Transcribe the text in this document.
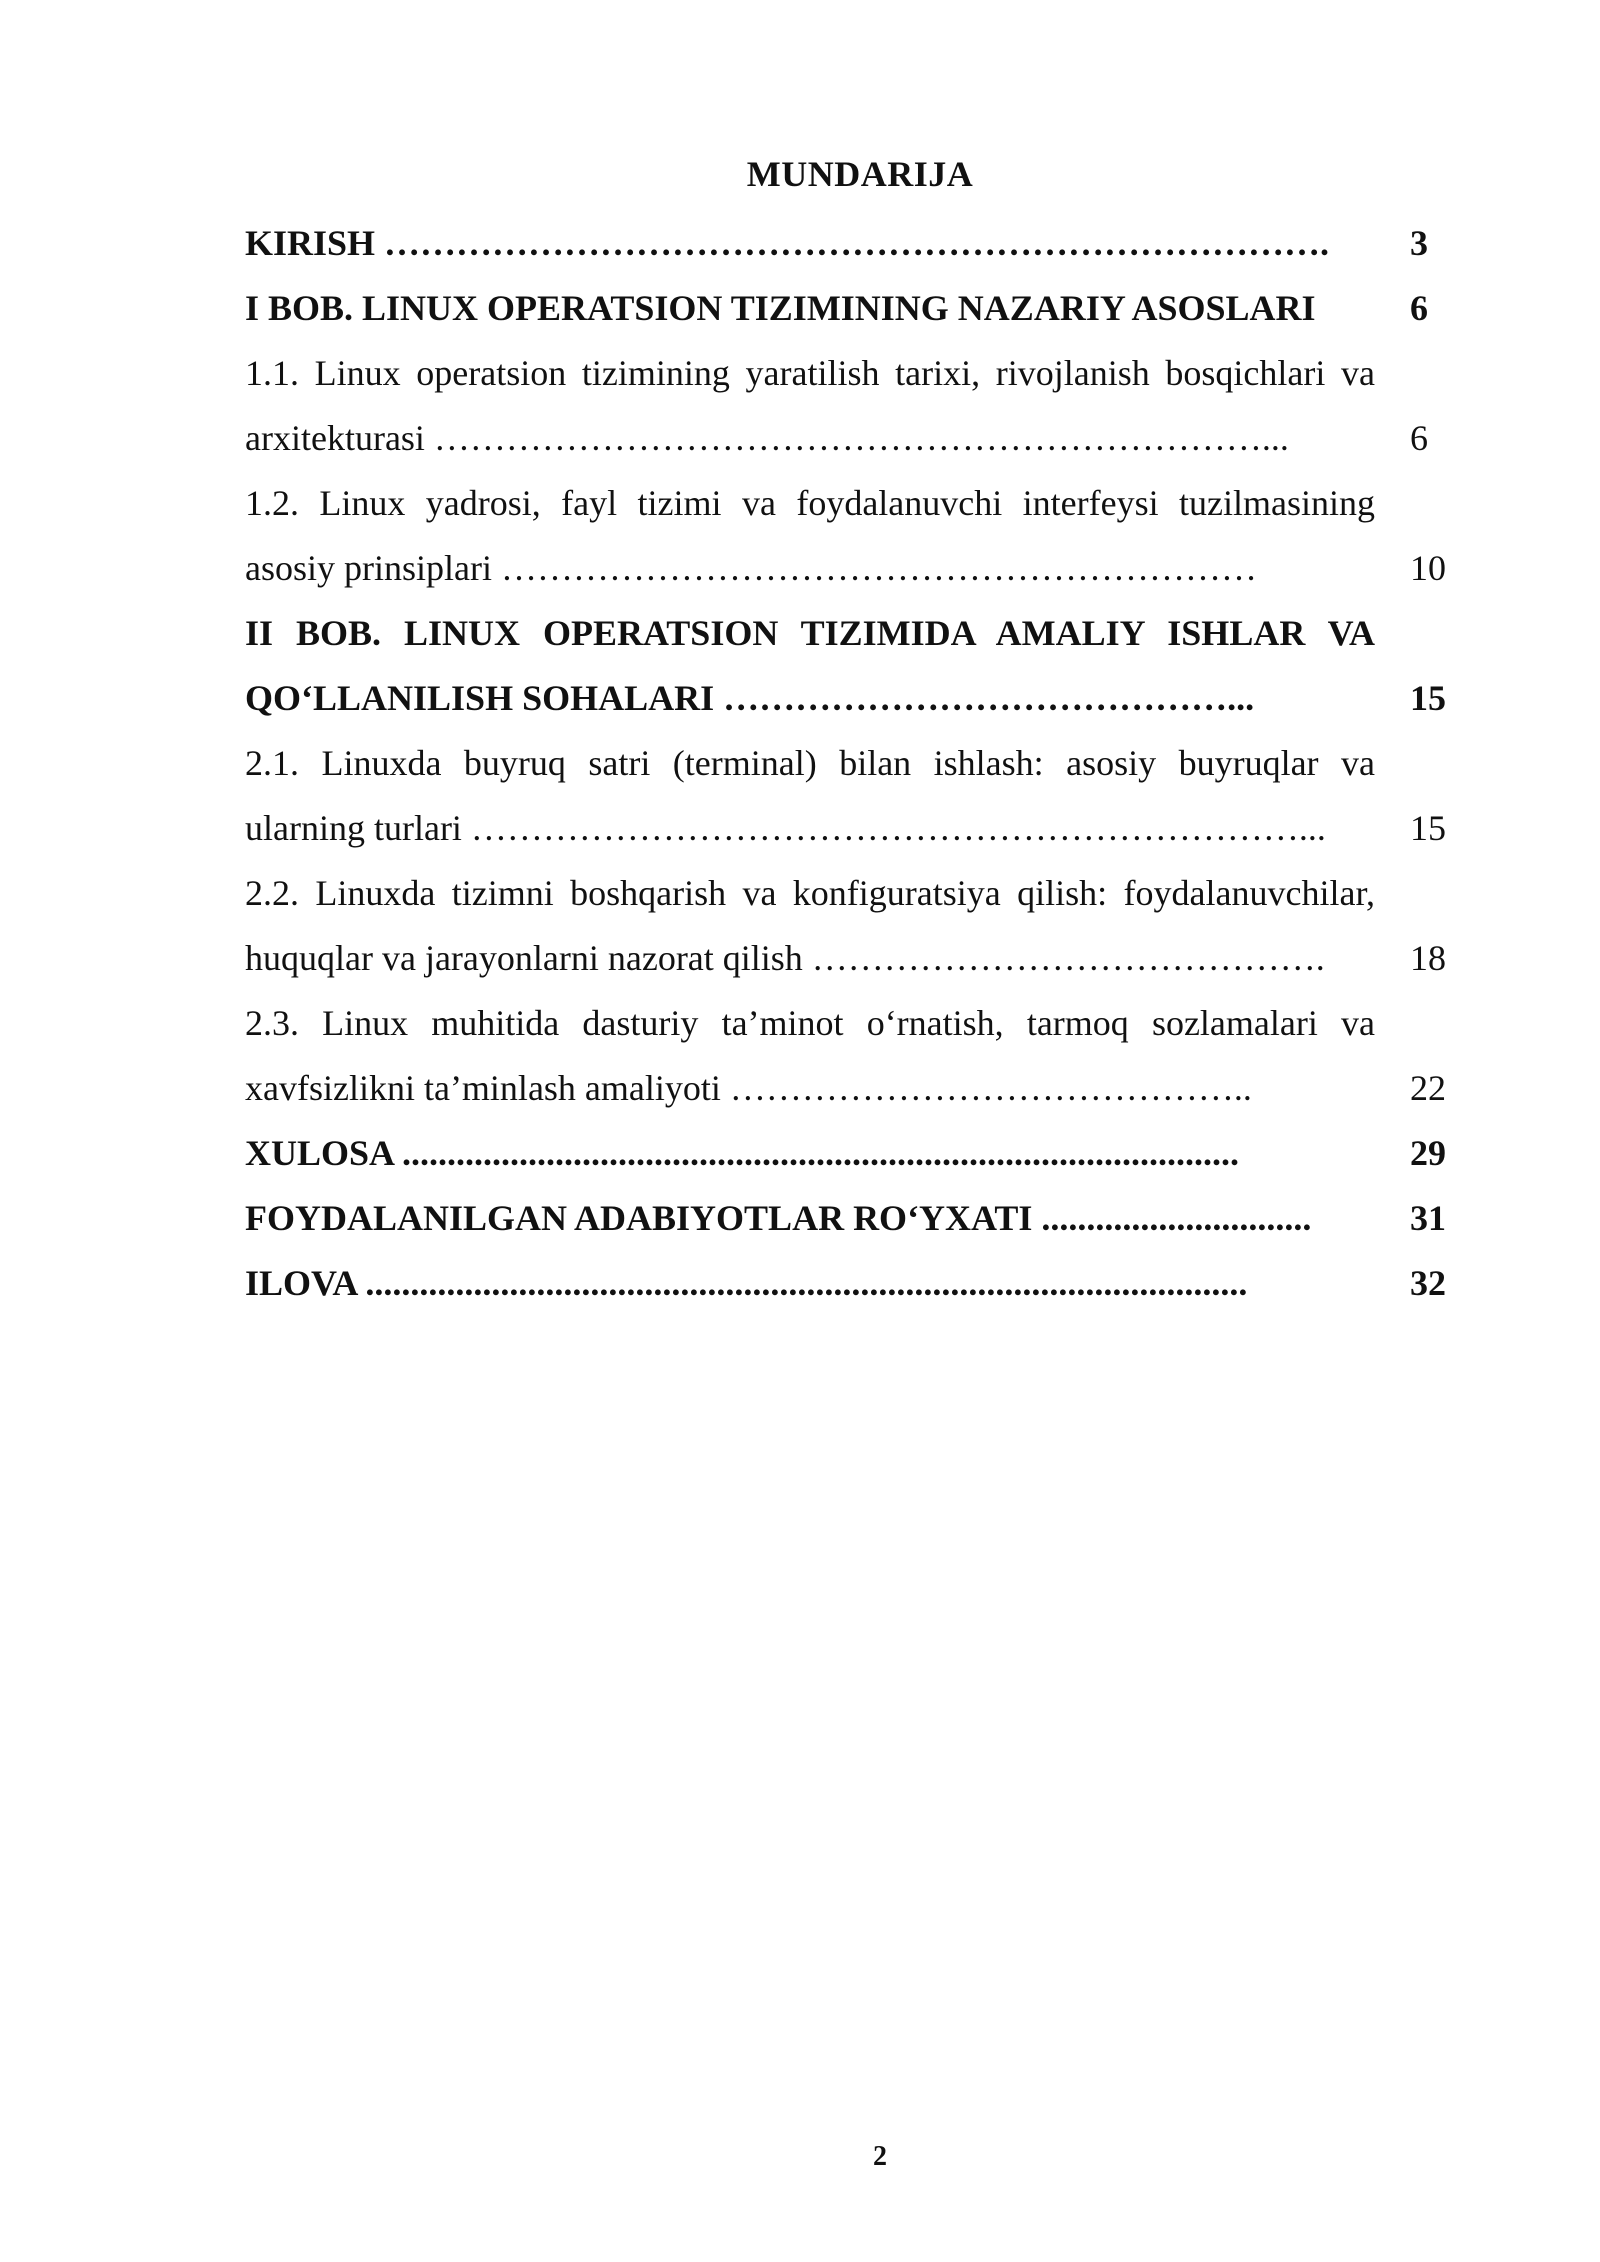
MUNDARIJA
KIRISH …………………………………………………………………….	3
I BOB. LINUX OPERATSION TIZIMINING NAZARIY ASOSLARI	6
1.1. Linux operatsion tizimining yaratilish tarixi, rivojlanish bosqichlari va
arxitekturasi ……………………………………………………………...	6
1.2. Linux yadrosi, fayl tizimi va foydalanuvchi interfeysi tuzilmasining
asosiy prinsiplari ………………………………………………………	10
II BOB. LINUX OPERATSION TIZIMIDA AMALIY ISHLAR VA
QO‘LLANILISH SOHALARI ……………………………………...	15
2.1. Linuxda buyruq satri (terminal) bilan ishlash: asosiy buyruqlar va
ularning turlari ……………………………………………………………...	15
2.2. Linuxda tizimni boshqarish va konfiguratsiya qilish: foydalanuvchilar,
huquqlar va jarayonlarni nazorat qilish …………………………………….	18
2.3. Linux muhitida dasturiy ta’minot o‘rnatish, tarmoq sozlamalari va
xavfsizlikni ta’minlash amaliyoti ……………………………………..	22
XULOSA .............................................................................................	29
FOYDALANILGAN ADABIYOTLAR RO‘YXATI ..............................	31
ILOVA ..................................................................................................	32
2
